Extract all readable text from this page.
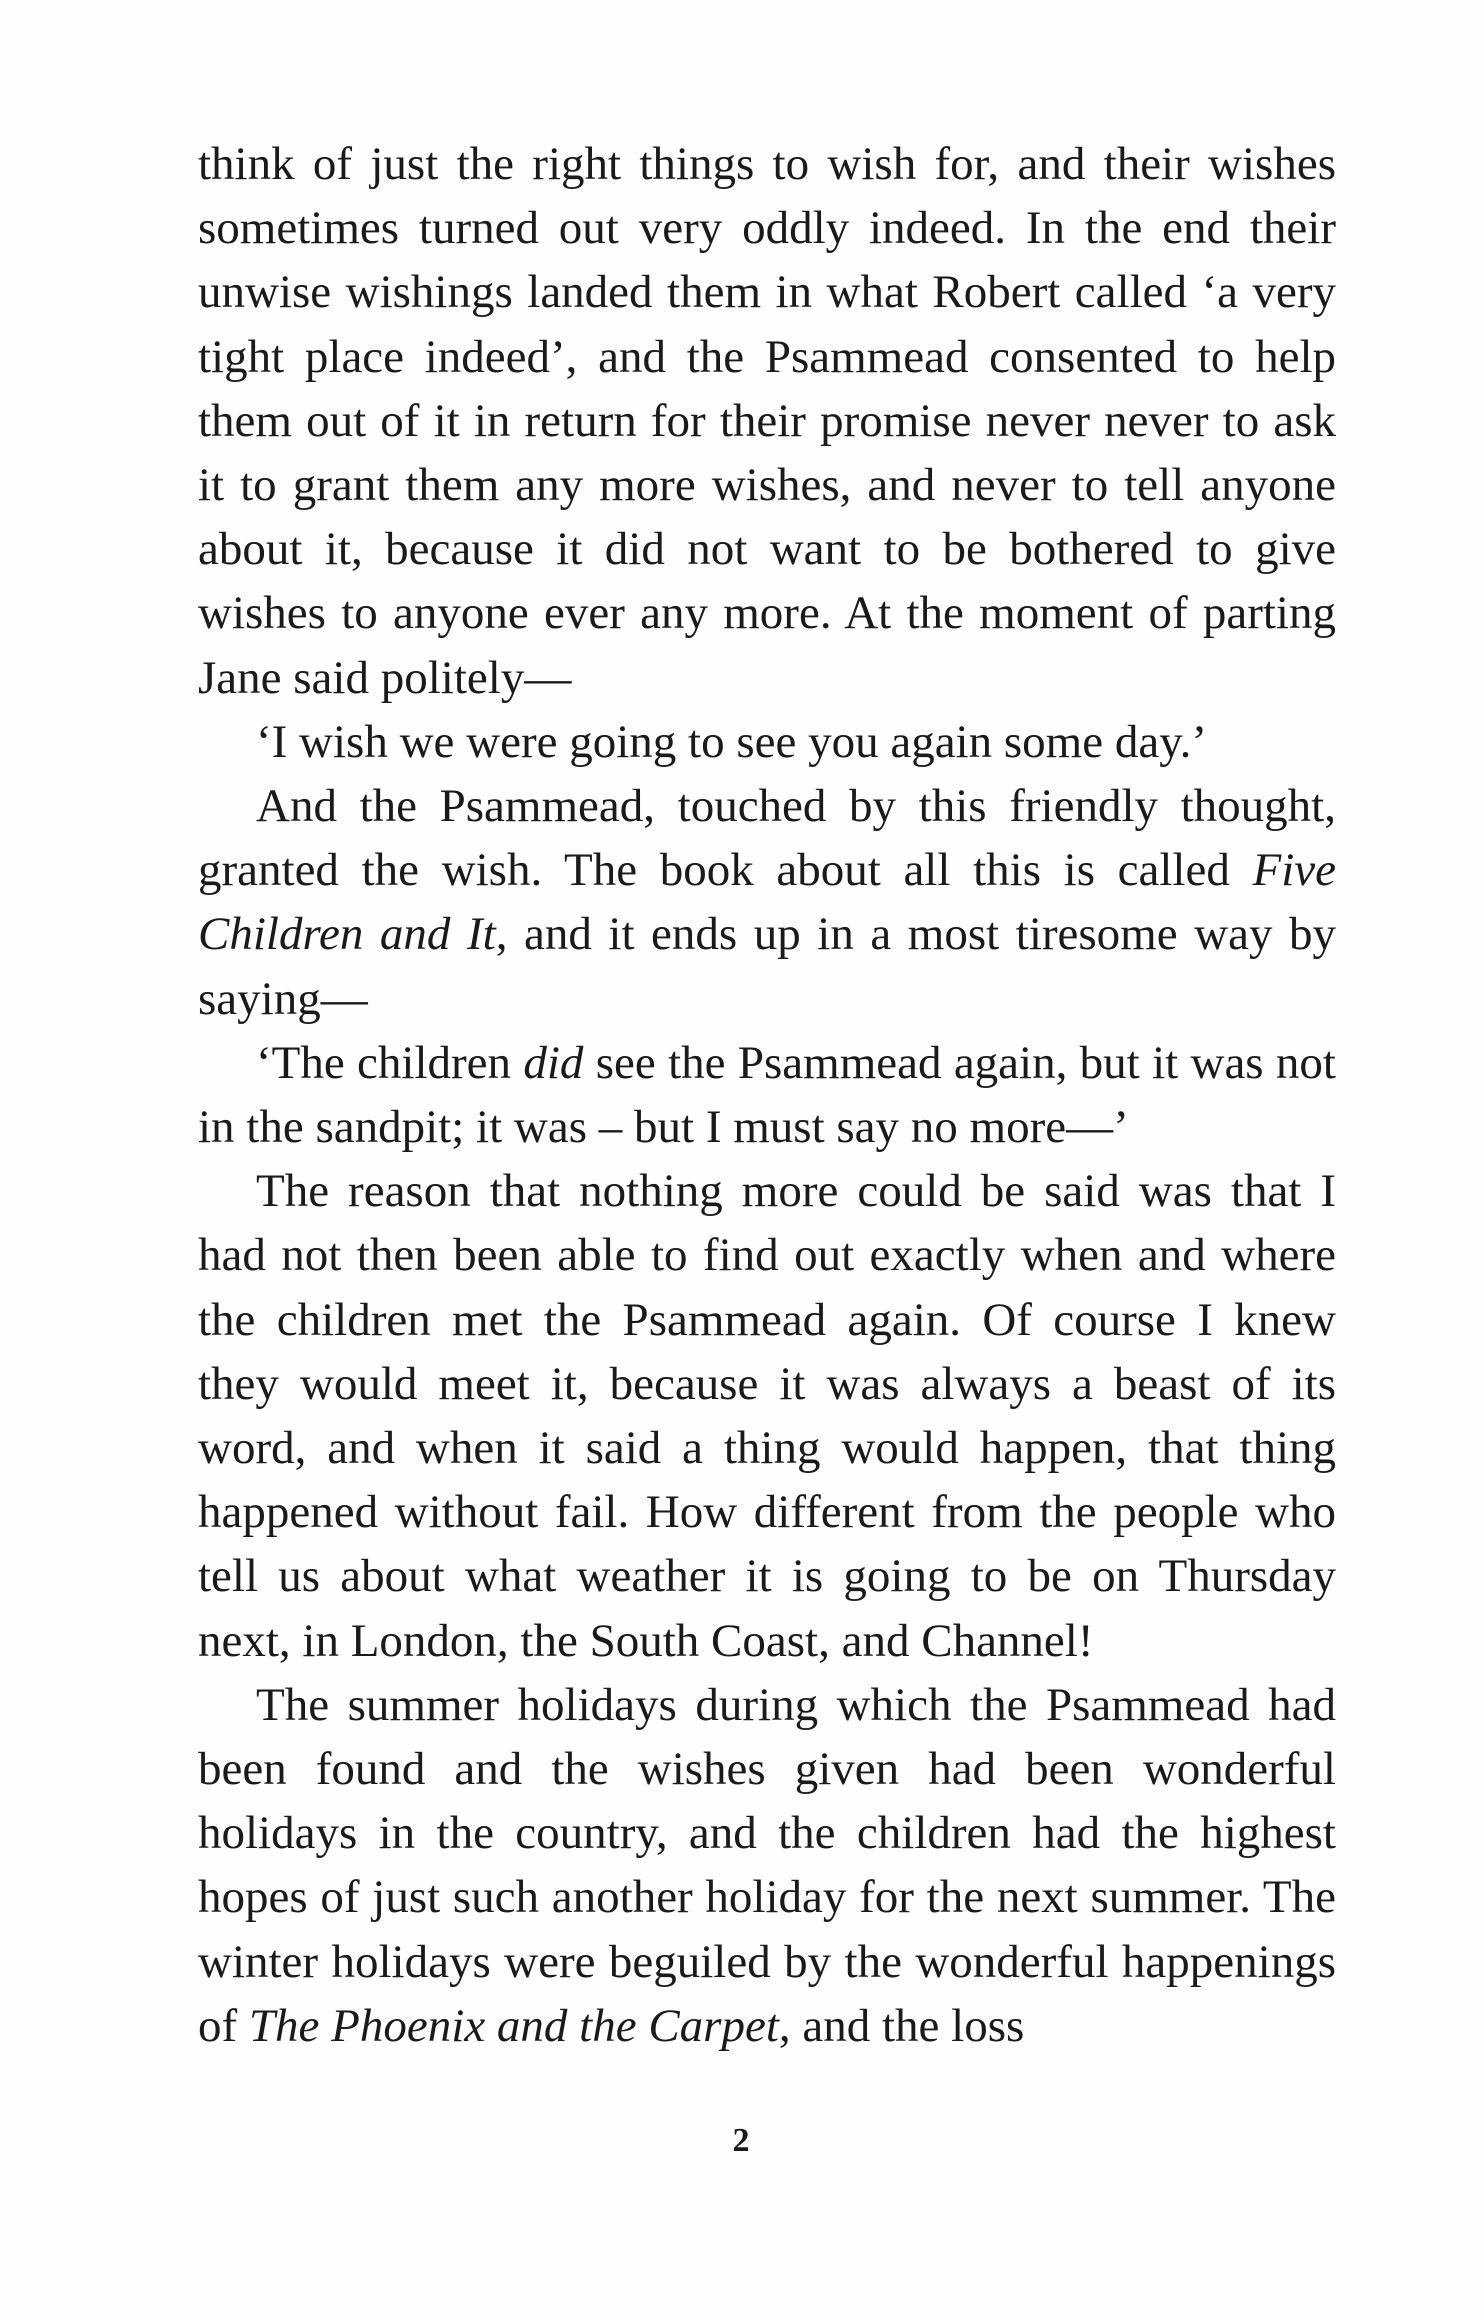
think of just the right things to wish for, and their wishes sometimes turned out very oddly indeed. In the end their unwise wishings landed them in what Robert called ‘a very tight place indeed’, and the Psammead consented to help them out of it in return for their promise never never to ask it to grant them any more wishes, and never to tell anyone about it, because it did not want to be bothered to give wishes to anyone ever any more. At the moment of parting Jane said politely—

‘I wish we were going to see you again some day.’

And the Psammead, touched by this friendly thought, granted the wish. The book about all this is called Five Children and It, and it ends up in a most tiresome way by saying—

‘The children did see the Psammead again, but it was not in the sandpit; it was – but I must say no more—’

The reason that nothing more could be said was that I had not then been able to find out exactly when and where the children met the Psammead again. Of course I knew they would meet it, because it was always a beast of its word, and when it said a thing would happen, that thing happened without fail. How different from the people who tell us about what weather it is going to be on Thursday next, in London, the South Coast, and Channel!

The summer holidays during which the Psammead had been found and the wishes given had been wonderful holidays in the country, and the children had the highest hopes of just such another holiday for the next summer. The winter holidays were beguiled by the wonderful happenings of The Phoenix and the Carpet, and the loss

2
